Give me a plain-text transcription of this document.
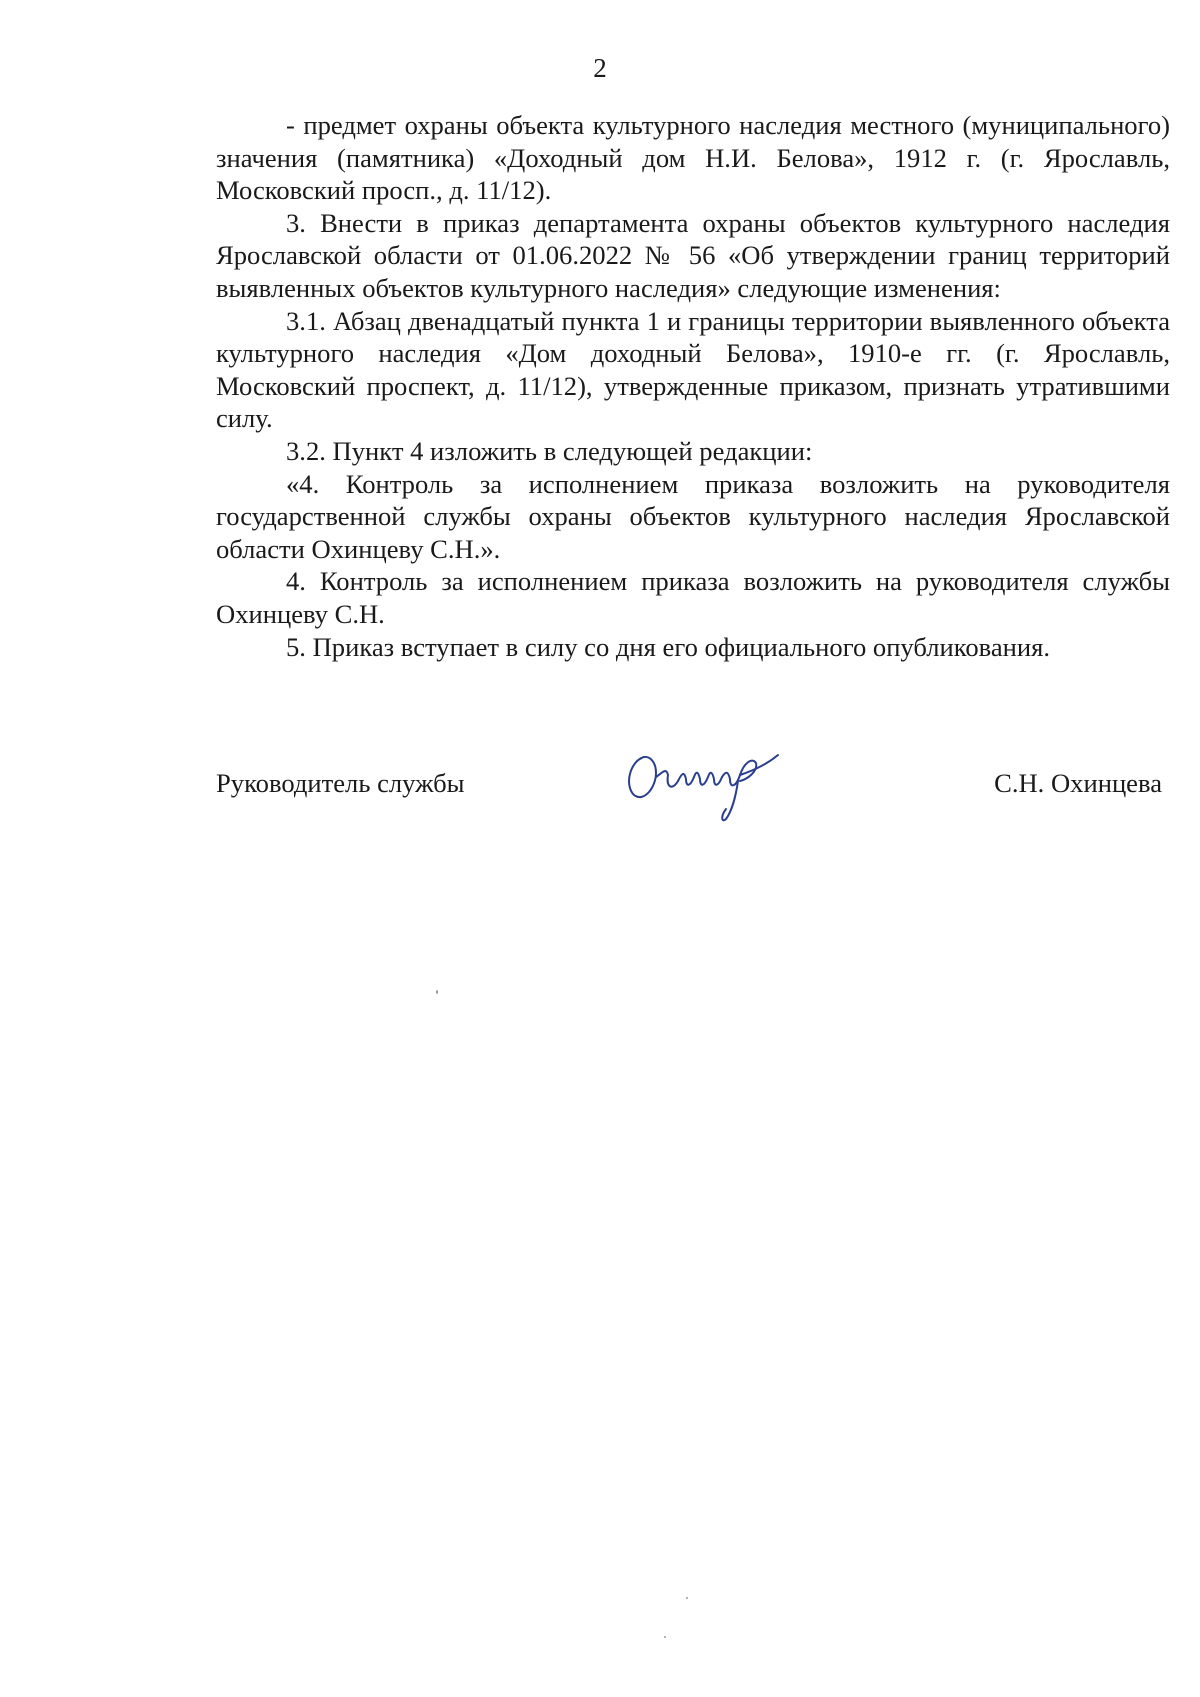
2

- предмет охраны объекта культурного наследия местного (муниципального) значения (памятника) «Доходный дом Н.И. Белова», 1912 г. (г. Ярославль, Московский просп., д. 11/12).

3. Внести в приказ департамента охраны объектов культурного наследия Ярославской области от 01.06.2022 № 56 «Об утверждении границ территорий выявленных объектов культурного наследия» следующие изменения:

3.1. Абзац двенадцатый пункта 1 и границы территории выявленного объекта культурного наследия «Дом доходный Белова», 1910-е гг. (г. Ярославль, Московский проспект, д. 11/12), утвержденные приказом, признать утратившими силу.

3.2. Пункт 4 изложить в следующей редакции:

«4. Контроль за исполнением приказа возложить на руководителя государственной службы охраны объектов культурного наследия Ярославской области Охинцеву С.Н.».

4. Контроль за исполнением приказа возложить на руководителя службы Охинцеву С.Н.

5. Приказ вступает в силу со дня его официального опубликования.

Руководитель службы	С.Н. Охинцева
